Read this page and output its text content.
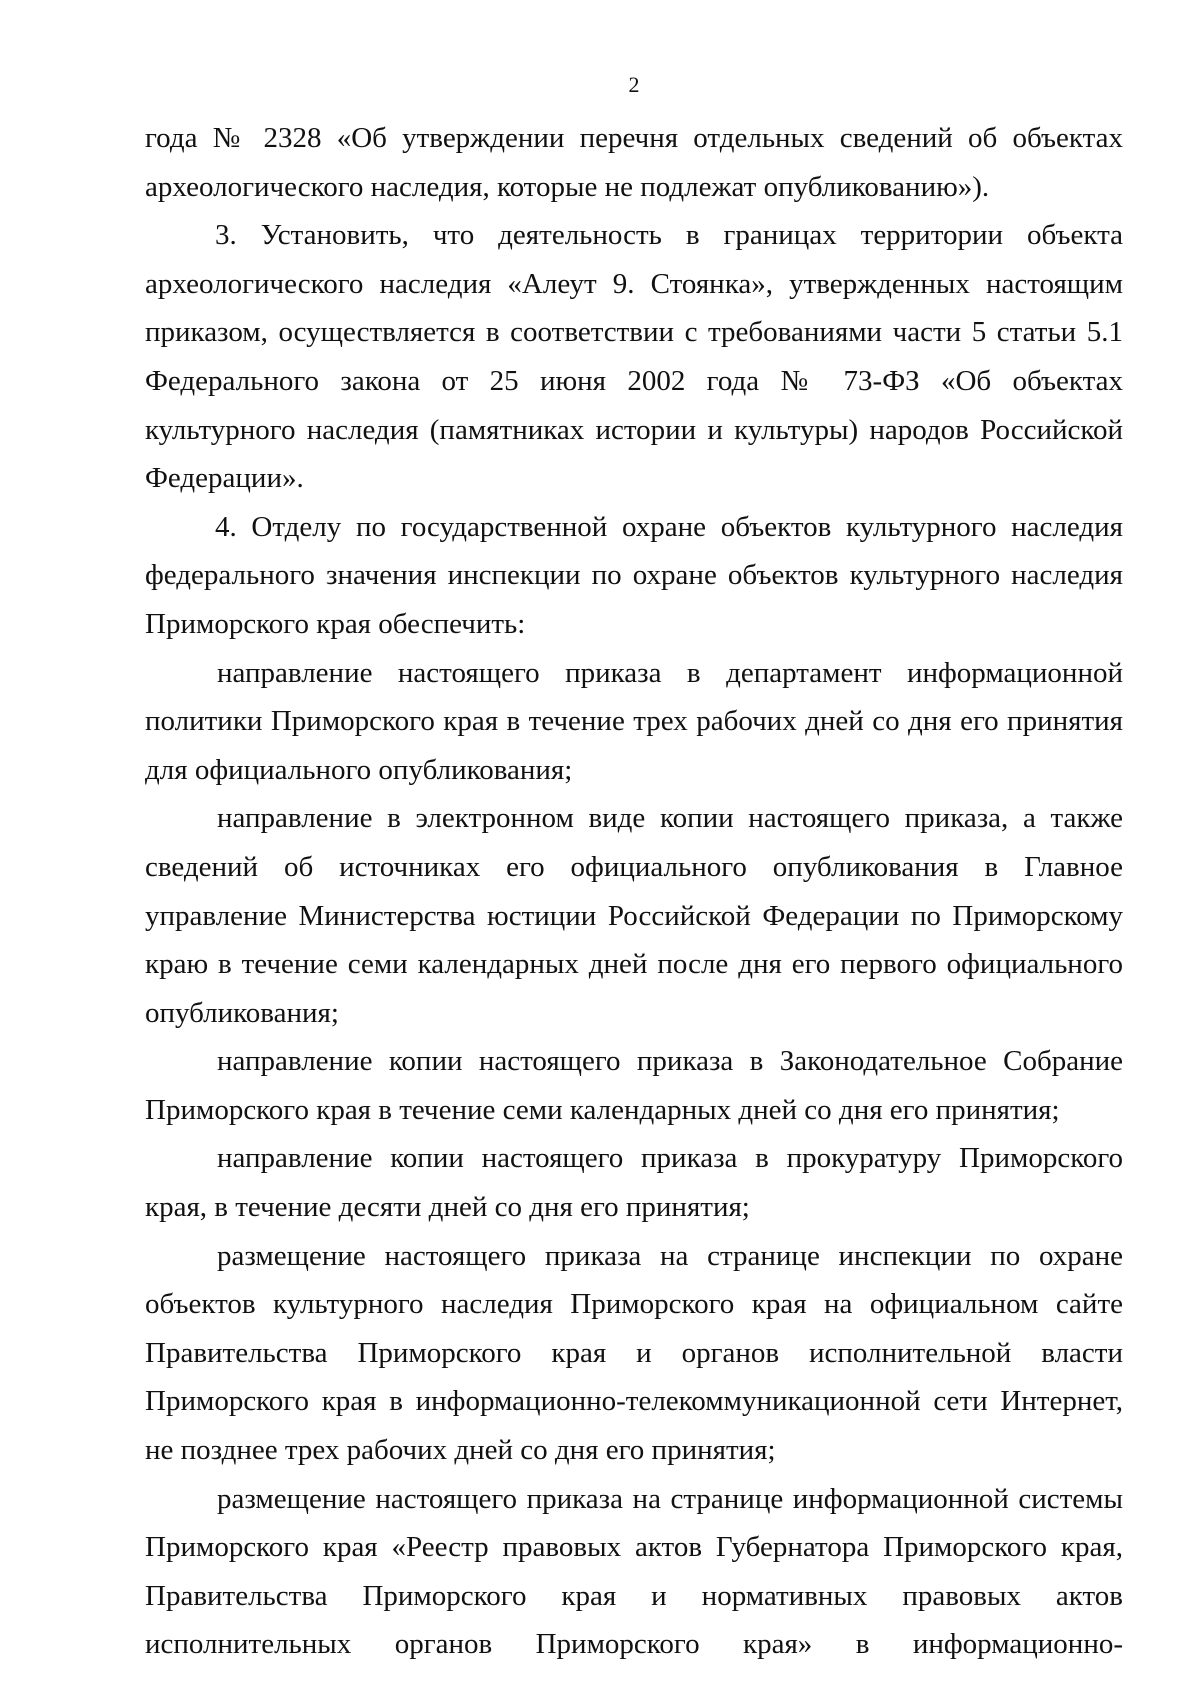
2

года № 2328 «Об утверждении перечня отдельных сведений об объектах археологического наследия, которые не подлежат опубликованию»).

3. Установить, что деятельность в границах территории объекта археологического наследия «Алеут 9. Стоянка», утвержденных настоящим приказом, осуществляется в соответствии с требованиями части 5 статьи 5.1 Федерального закона от 25 июня 2002 года № 73-ФЗ «Об объектах культурного наследия (памятниках истории и культуры) народов Российской Федерации».

4. Отделу по государственной охране объектов культурного наследия федерального значения инспекции по охране объектов культурного наследия Приморского края обеспечить:

направление настоящего приказа в департамент информационной политики Приморского края в течение трех рабочих дней со дня его принятия для официального опубликования;

направление в электронном виде копии настоящего приказа, а также сведений об источниках его официального опубликования в Главное управление Министерства юстиции Российской Федерации по Приморскому краю в течение семи календарных дней после дня его первого официального опубликования;

направление копии настоящего приказа в Законодательное Собрание Приморского края в течение семи календарных дней со дня его принятия;

направление копии настоящего приказа в прокуратуру Приморского края, в течение десяти дней со дня его принятия;

размещение настоящего приказа на странице инспекции по охране объектов культурного наследия Приморского края на официальном сайте Правительства Приморского края и органов исполнительной власти Приморского края в информационно-телекоммуникационной сети Интернет, не позднее трех рабочих дней со дня его принятия;

размещение настоящего приказа на странице информационной системы Приморского края «Реестр правовых актов Губернатора Приморского края, Правительства Приморского края и нормативных правовых актов исполнительных органов Приморского края» в информационно-
